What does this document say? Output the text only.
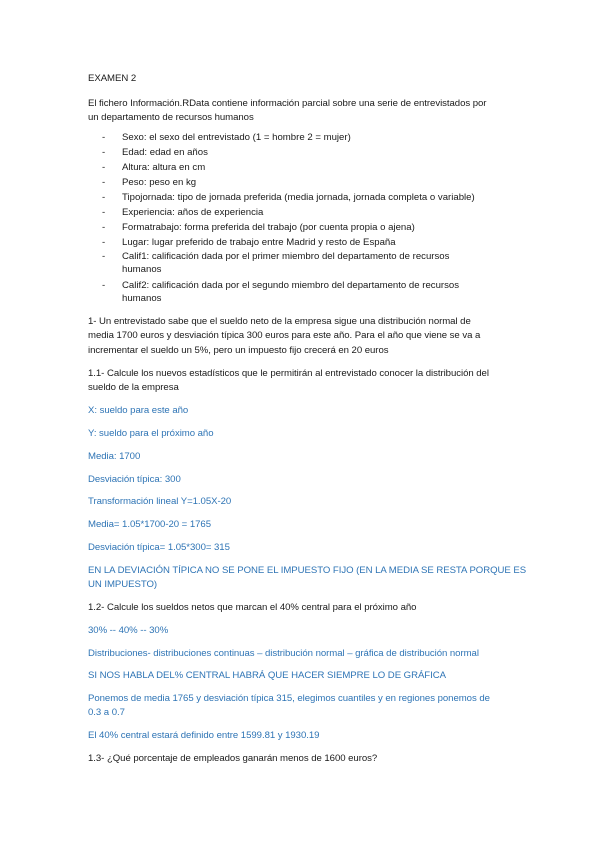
EXAMEN 2
El fichero Información.RData contiene información parcial sobre una serie de entrevistados por
un departamento de recursos humanos
- Sexo: el sexo del entrevistado (1 = hombre 2 = mujer)
- Edad: edad en años
- Altura: altura en cm
- Peso: peso en kg
- Tipojornada: tipo de jornada preferida (media jornada, jornada completa o variable)
- Experiencia: años de experiencia
- Formatrabajo: forma preferida del trabajo (por cuenta propia o ajena)
- Lugar: lugar preferido de trabajo entre Madrid y resto de España
- Calif1: calificación dada por el primer miembro del departamento de recursos
humanos
- Calif2: calificación dada por el segundo miembro del departamento de recursos
humanos
1- Un entrevistado sabe que el sueldo neto de la empresa sigue una distribución normal de
media 1700 euros y desviación típica 300 euros para este año. Para el año que viene se va a
incrementar el sueldo un 5%, pero un impuesto fijo crecerá en 20 euros
1.1- Calcule los nuevos estadísticos que le permitirán al entrevistado conocer la distribución del
sueldo de la empresa
X: sueldo para este año
Y: sueldo para el próximo año
Media: 1700
Desviación típica: 300
Transformación lineal Y=1.05X-20
Media= 1.05*1700-20 = 1765
Desviación típica= 1.05*300= 315
EN LA DEVIACIÓN TÍPICA NO SE PONE EL IMPUESTO FIJO (EN LA MEDIA SE RESTA PORQUE ES
UN IMPUESTO)
1.2- Calcule los sueldos netos que marcan el 40% central para el próximo año
30% -- 40% -- 30%
Distribuciones- distribuciones continuas – distribución normal – gráfica de distribución normal
SI NOS HABLA DEL% CENTRAL HABRÁ QUE HACER SIEMPRE LO DE GRÁFICA
Ponemos de media 1765 y desviación típica 315, elegimos cuantiles y en regiones ponemos de
0.3 a 0.7
El 40% central estará definido entre 1599.81 y 1930.19
1.3- ¿Qué porcentaje de empleados ganarán menos de 1600 euros?
